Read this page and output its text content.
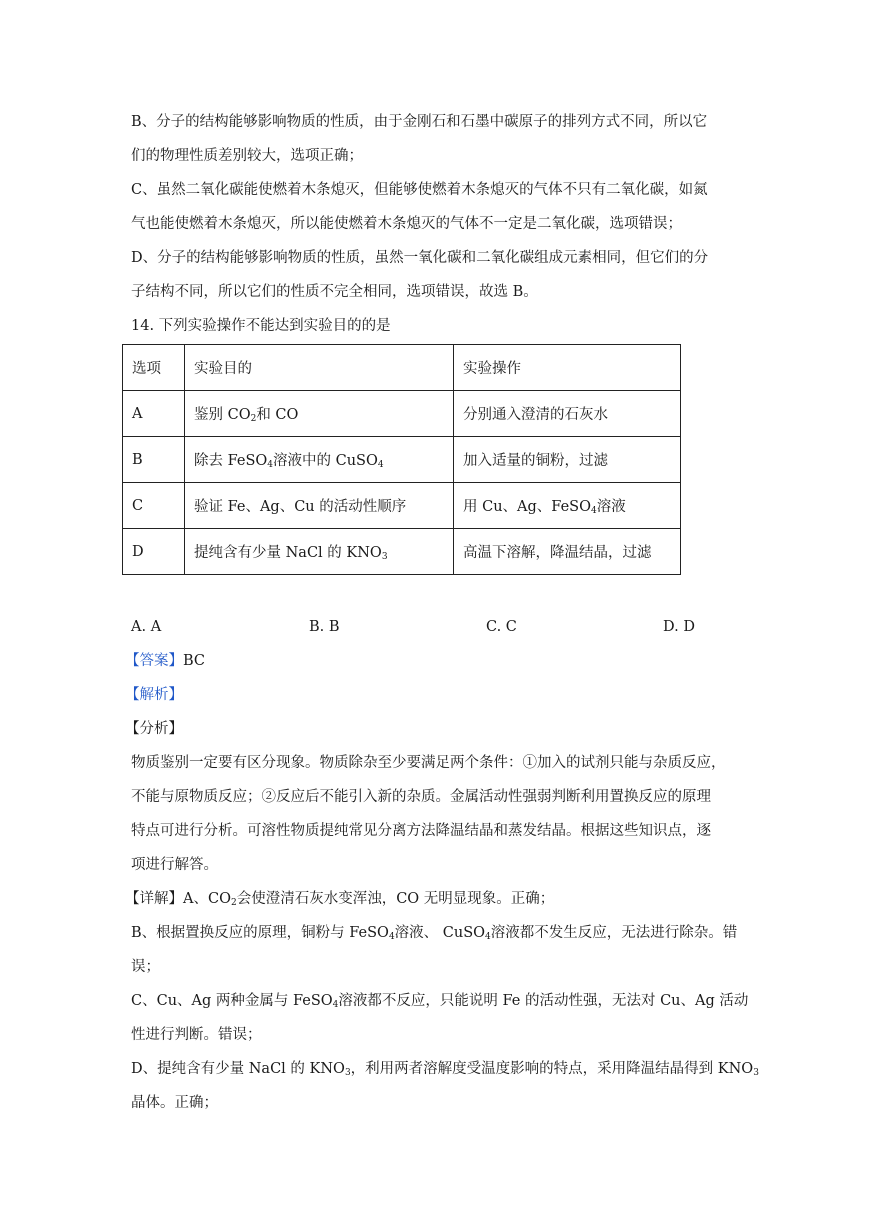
B、分子的结构能够影响物质的性质，由于金刚石和石墨中碳原子的排列方式不同，所以它
们的物理性质差别较大，选项正确；
C、虽然二氧化碳能使燃着木条熄灭，但能够使燃着木条熄灭的气体不只有二氧化碳，如氮
气也能使燃着木条熄灭，所以能使燃着木条熄灭的气体不一定是二氧化碳，选项错误；
D、分子的结构能够影响物质的性质，虽然一氧化碳和二氧化碳组成元素相同，但它们的分
子结构不同，所以它们的性质不完全相同，选项错误，故选 B。
14. 下列实验操作不能达到实验目的的是
选项	实验目的	实验操作
A	鉴别 $CO_2$和 CO	分别通入澄清的石灰水
B	除去 FeSO$_4$溶液中的 CuSO$_4$	加入适量的铜粉，过滤
C	验证 Fe、Ag、Cu 的活动性顺序	用 Cu、Ag、FeSO$_4$溶液
D	提纯含有少量 NaCl 的 $KNO_3$	高温下溶解，降温结晶，过滤
A. A	B. B	C. C	D. D
【答案】BC
【解析】
【分析】
物质鉴别一定要有区分现象。物质除杂至少要满足两个条件：①加入的试剂只能与杂质反应，
不能与原物质反应；②反应后不能引入新的杂质。金属活动性强弱判断利用置换反应的原理
特点可进行分析。可溶性物质提纯常见分离方法降温结晶和蒸发结晶。根据这些知识点，逐
项进行解答。
【详解】A、$CO_2$会使澄清石灰水变浑浊，CO 无明显现象。正确；
B、根据置换反应的原理，铜粉与 FeSO$_4$溶液、 CuSO$_4$溶液都不发生反应，无法进行除杂。错
误；
C、Cu、Ag 两种金属与 FeSO$_4$溶液都不反应，只能说明 Fe 的活动性强，无法对 Cu、Ag 活动
性进行判断。错误；
D、提纯含有少量 NaCl 的 $KNO_3$，利用两者溶解度受温度影响的特点，采用降温结晶得到 $KNO_3$
晶体。正确；
